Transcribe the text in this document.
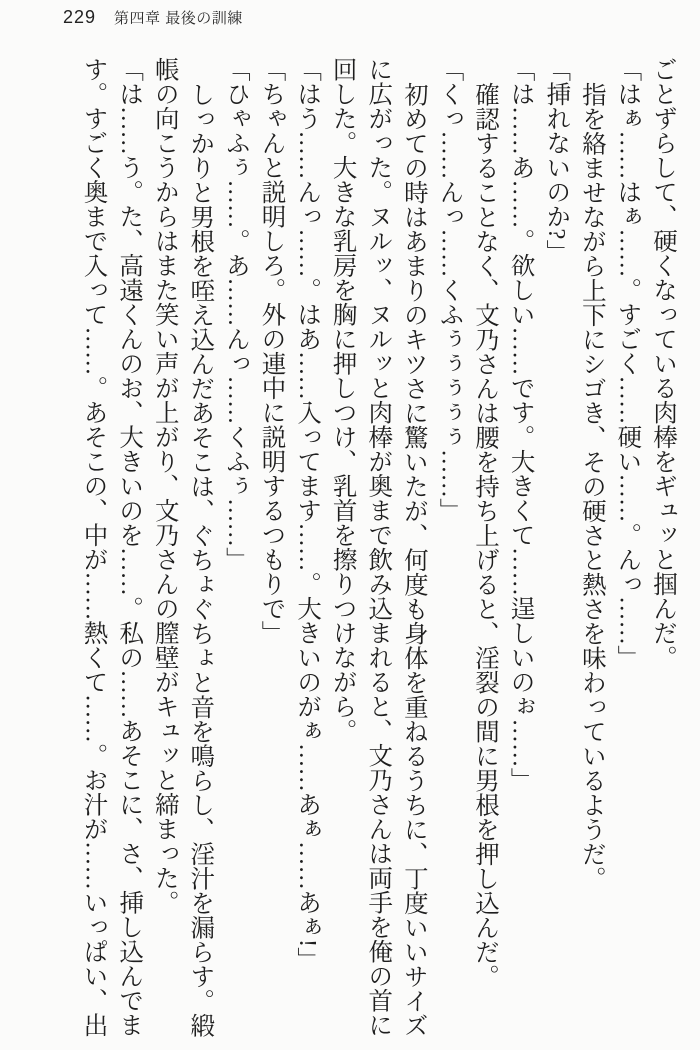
229 第四章 最後の訓練

ごとずらして、硬くなっている肉棒をギュッと掴んだ。

「はぁ……はぁ……。すごく……硬い……。んっ……」

指を絡ませながら上下にシゴき、その硬さと熱さを味わっているようだ。

「挿れないのか?」

「は……あ……。欲しい……です。大きくて……逞しいのぉ……」

確認することなく、文乃さんは腰を持ち上げると、淫裂の間に男根を押し込んだ。

「くっ……んっ……くふぅぅぅぅぅ……」

初めての時はあまりのキツさに驚いたが、何度も身体を重ねるうちに、丁度いいサイズに広がった。ヌルッ、ヌルッと肉棒が奥まで飲み込まれると、文乃さんは両手を俺の首に回した。大きな乳房を胸に押しつけ、乳首を擦りつけながら。

「はう……んっ……。はあ……入ってます……。大きいのがぁ……あぁ……あぁ!」

「ちゃんと説明しろ。外の連中に説明するつもりで」

「ひゃふぅ……。あ……んっ……くふぅ……」

しっかりと男根を咥え込んだあそこは、ぐちょぐちょと音を鳴らし、淫汁を漏らす。緞帳の向こうからはまた笑い声が上がり、文乃さんの膣壁がキュッと締まった。

「は……う。た、高遠くんのお、大きいのを……。私の……あそこに、さ、挿し込んでます。すごく奥まで入って……。あそこの、中が……熱くて……。お汁が……いっぱい、出
